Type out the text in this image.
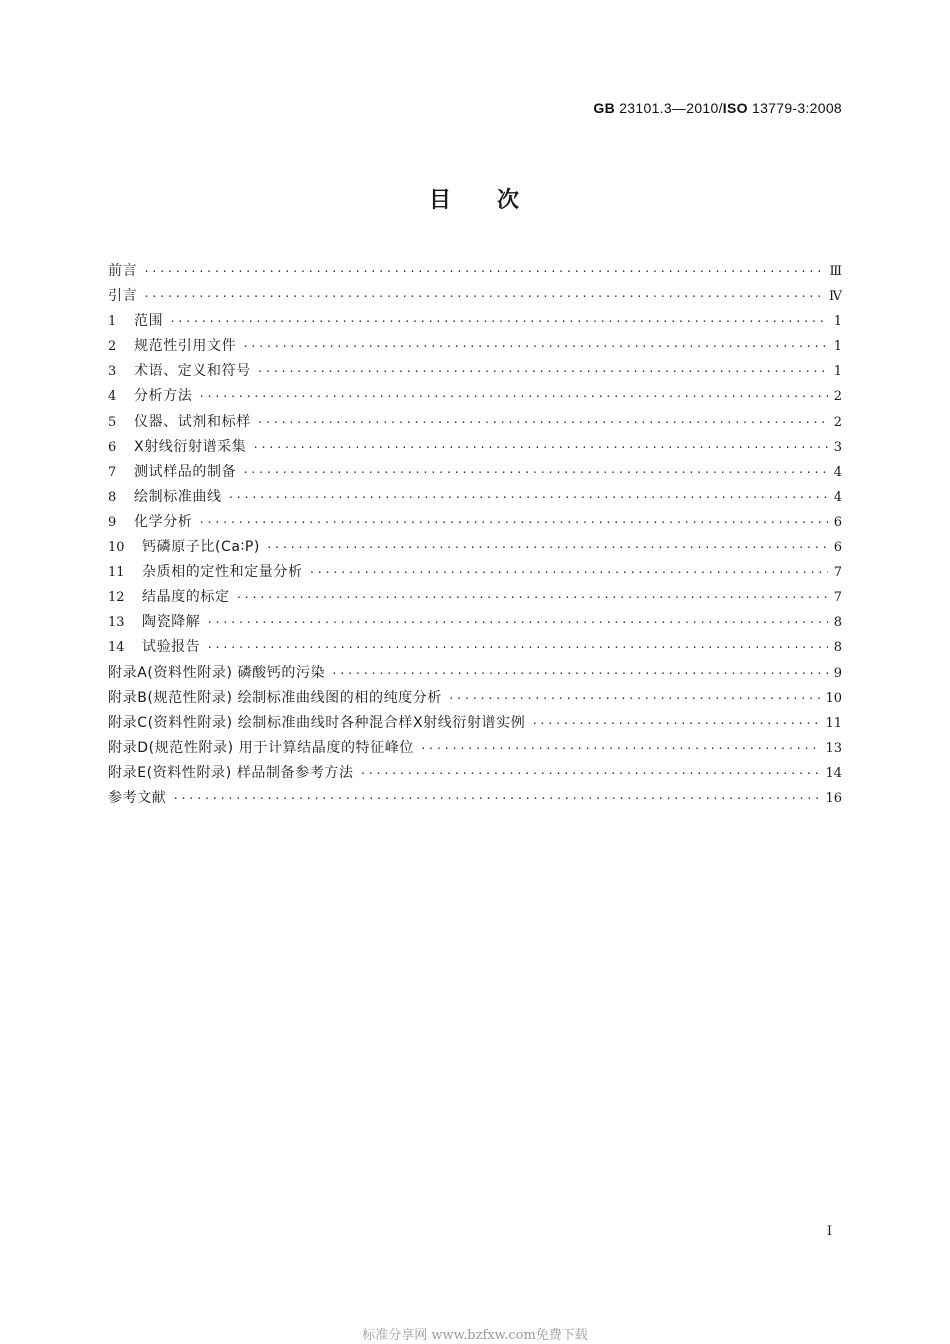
GB 23101.3—2010/ISO 13779-3:2008
目 次
前言 ·····	Ⅲ
引言 ·····	Ⅳ
1	范围 ·····	1
2	规范性引用文件 ·····	1
3	术语、定义和符号 ·····	1
4	分析方法 ·····	2
5	仪器、试剂和标样 ·····	2
6	X射线衍射谱采集 ·····	3
7	测试样品的制备 ·····	4
8	绘制标准曲线 ·····	4
9	化学分析 ·····	6
10	钙磷原子比(Ca∶P) ·····	6
11	杂质相的定性和定量分析 ·····	7
12	结晶度的标定 ·····	7
13	陶瓷降解 ·····	8
14	试验报告 ·····	8
附录A(资料性附录) 磷酸钙的污染 ·····	9
附录B(规范性附录) 绘制标准曲线图的相的纯度分析 ·····	10
附录C(资料性附录) 绘制标准曲线时各种混合样X射线衍射谱实例 ·····	11
附录D(规范性附录) 用于计算结晶度的特征峰位 ·····	13
附录E(资料性附录) 样品制备参考方法 ·····	14
参考文献 ·····	16
I
标准分享网 www.bzfxw.com免费下载
